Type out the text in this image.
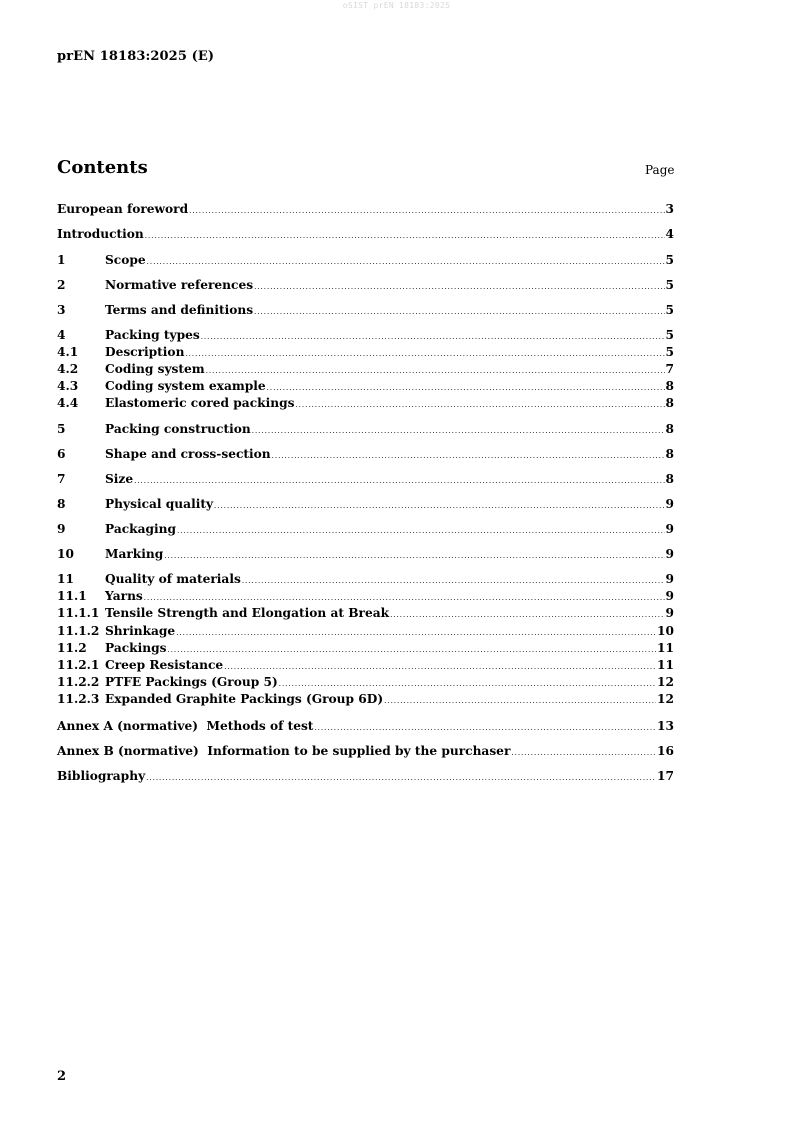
oSIST prEN 18183:2025
prEN 18183:2025 (E)
Contents	Page
European foreword .....	3
Introduction .....	4
1	Scope .....	5
2	Normative references .....	5
3	Terms and definitions .....	5
4	Packing types .....	5
4.1	Description .....	5
4.2	Coding system .....	7
4.3	Coding system example .....	8
4.4	Elastomeric cored packings .....	8
5	Packing construction .....	8
6	Shape and cross-section .....	8
7	Size .....	8
8	Physical quality .....	9
9	Packaging .....	9
10	Marking .....	9
11	Quality of materials .....	9
11.1	Yarns .....	9
11.1.1 Tensile Strength and Elongation at Break .....	9
11.1.2 Shrinkage .....	10
11.2	Packings .....	11
11.2.1 Creep Resistance .....	11
11.2.2 PTFE Packings (Group 5) .....	12
11.2.3 Expanded Graphite Packings (Group 6D) .....	12
Annex A (normative)  Methods of test .....	13
Annex B (normative)  Information to be supplied by the purchaser .....	16
Bibliography .....	17
2
